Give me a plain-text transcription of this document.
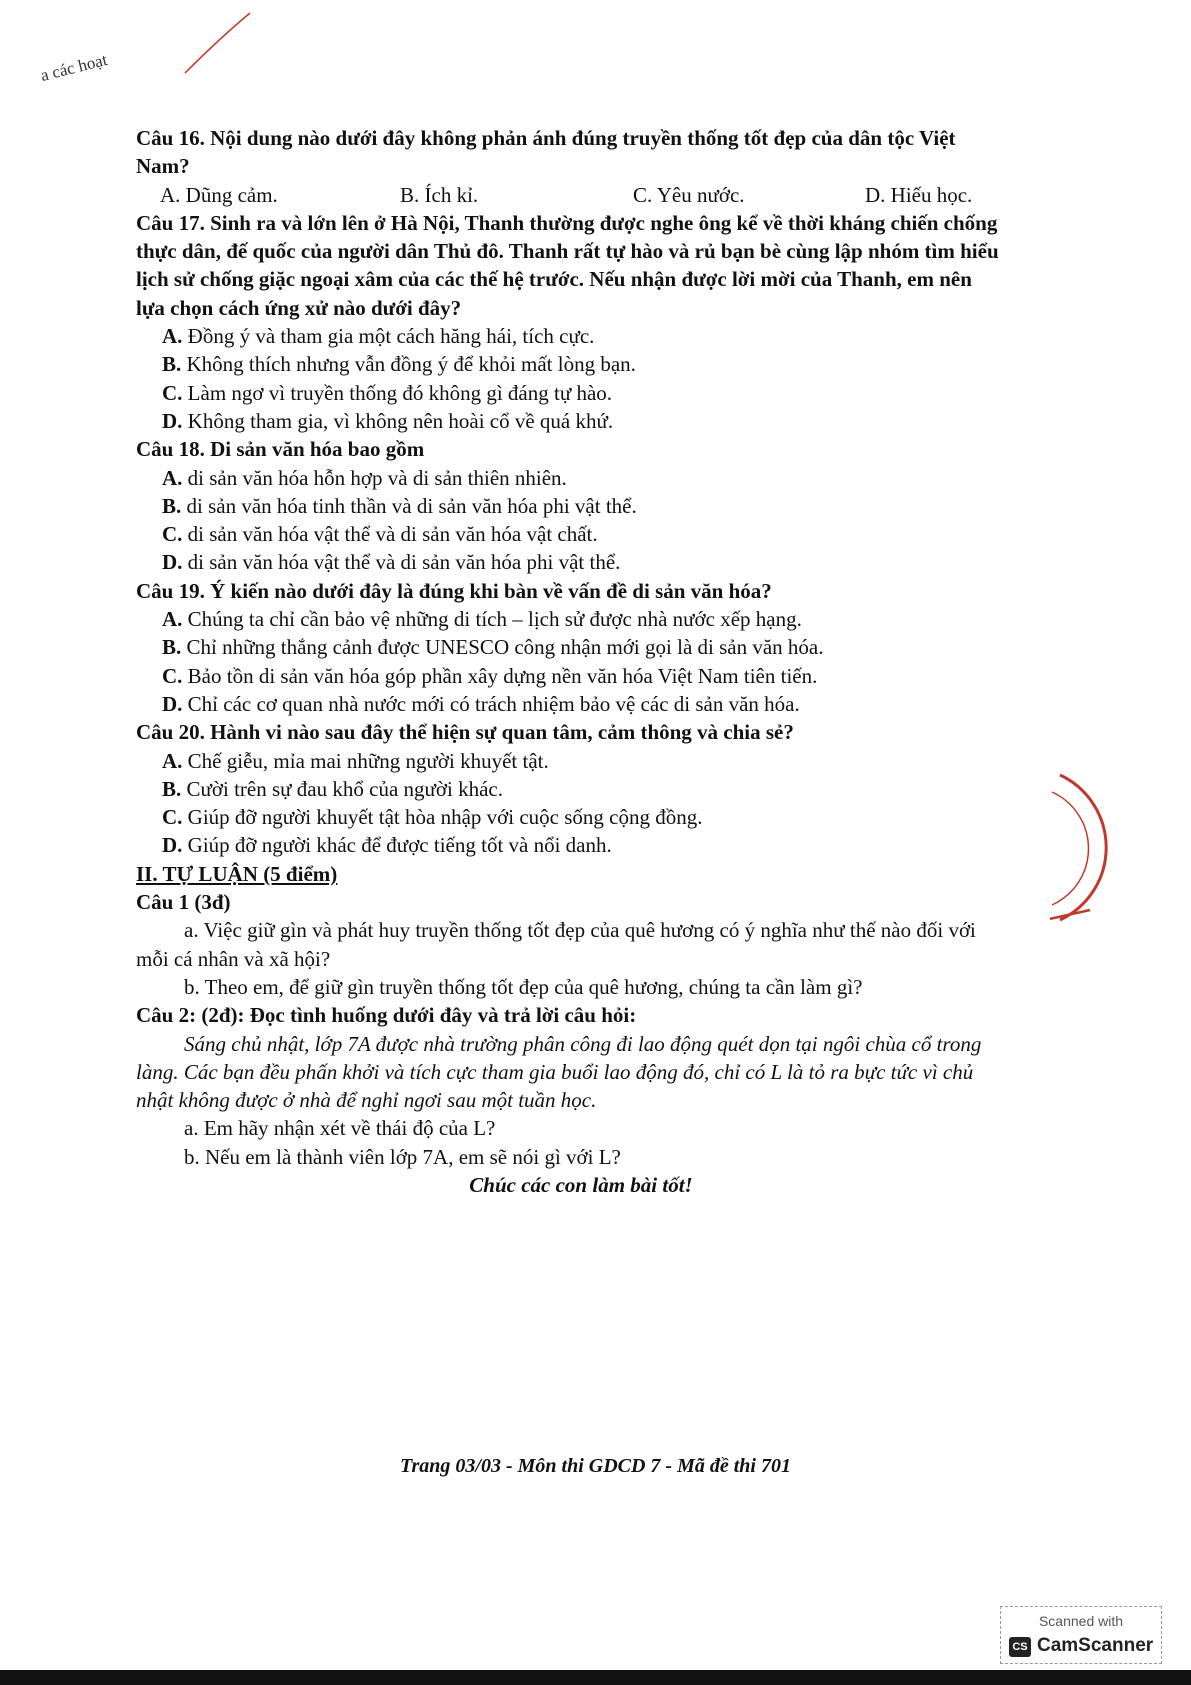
a các hoạt
Câu 16. Nội dung nào dưới đây không phản ánh đúng truyền thống tốt đẹp của dân tộc Việt Nam?
A. Dũng cảm.	B. Ích kỉ.	C. Yêu nước.	D. Hiếu học.
Câu 17. Sinh ra và lớn lên ở Hà Nội, Thanh thường được nghe ông kể về thời kháng chiến chống thực dân, đế quốc của người dân Thủ đô. Thanh rất tự hào và rủ bạn bè cùng lập nhóm tìm hiểu lịch sử chống giặc ngoại xâm của các thế hệ trước. Nếu nhận được lời mời của Thanh, em nên lựa chọn cách ứng xử nào dưới đây?
A. Đồng ý và tham gia một cách hăng hái, tích cực.
B. Không thích nhưng vẫn đồng ý để khỏi mất lòng bạn.
C. Làm ngơ vì truyền thống đó không gì đáng tự hào.
D. Không tham gia, vì không nên hoài cổ về quá khứ.
Câu 18. Di sản văn hóa bao gồm
A. di sản văn hóa hỗn hợp và di sản thiên nhiên.
B. di sản văn hóa tinh thần và di sản văn hóa phi vật thể.
C. di sản văn hóa vật thể và di sản văn hóa vật chất.
D. di sản văn hóa vật thể và di sản văn hóa phi vật thể.
Câu 19. Ý kiến nào dưới đây là đúng khi bàn về vấn đề di sản văn hóa?
A. Chúng ta chỉ cần bảo vệ những di tích – lịch sử được nhà nước xếp hạng.
B. Chỉ những thắng cảnh được UNESCO công nhận mới gọi là di sản văn hóa.
C. Bảo tồn di sản văn hóa góp phần xây dựng nền văn hóa Việt Nam tiên tiến.
D. Chỉ các cơ quan nhà nước mới có trách nhiệm bảo vệ các di sản văn hóa.
Câu 20. Hành vi nào sau đây thể hiện sự quan tâm, cảm thông và chia sẻ?
A. Chế giễu, mỉa mai những người khuyết tật.
B. Cười trên sự đau khổ của người khác.
C. Giúp đỡ người khuyết tật hòa nhập với cuộc sống cộng đồng.
D. Giúp đỡ người khác để được tiếng tốt và nổi danh.
II. TỰ LUẬN (5 điểm)
Câu 1 (3đ)
a. Việc giữ gìn và phát huy truyền thống tốt đẹp của quê hương có ý nghĩa như thế nào đối với mỗi cá nhân và xã hội?
b. Theo em, để giữ gìn truyền thống tốt đẹp của quê hương, chúng ta cần làm gì?
Câu 2: (2đ): Đọc tình huống dưới đây và trả lời câu hỏi:
Sáng chủ nhật, lớp 7A được nhà trường phân công đi lao động quét dọn tại ngôi chùa cổ trong làng. Các bạn đều phấn khởi và tích cực tham gia buổi lao động đó, chỉ có L là tỏ ra bực tức vì chủ nhật không được ở nhà để nghỉ ngơi sau một tuần học.
a. Em hãy nhận xét về thái độ của L?
b. Nếu em là thành viên lớp 7A, em sẽ nói gì với L?
Chúc các con làm bài tốt!
Trang 03/03 - Môn thi GDCD 7 - Mã đề thi 701
Scanned with
CS CamScanner
